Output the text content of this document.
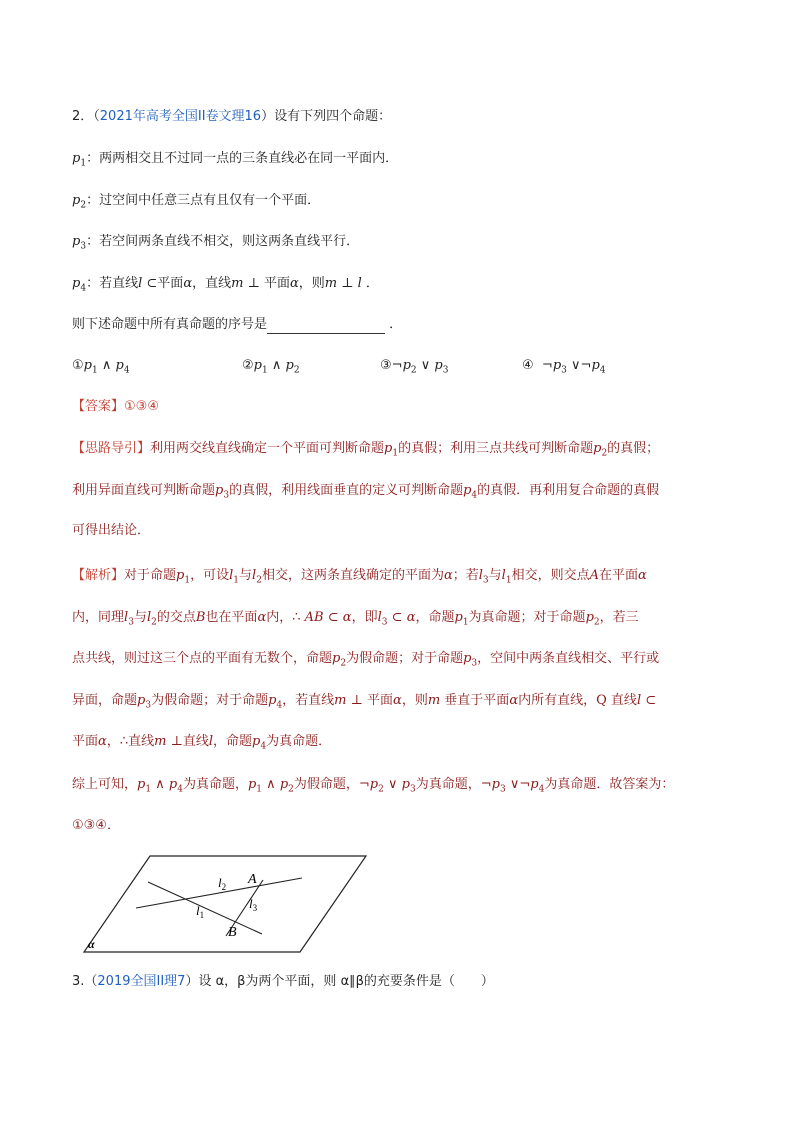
2．（2021年高考全国II卷文理16）设有下列四个命题：
$p_1$：两两相交且不过同一点的三条直线必在同一平面内．
$p_2$：过空间中任意三点有且仅有一个平面．
$p_3$：若空间两条直线不相交，则这两条直线平行．
$p_4$：若直线l ⊂平面α，直线m ⊥ 平面α，则m ⊥ l ．
则下述命题中所有真命题的序号是	．
$①p_1$ ∧ $p_4$	$②p_1$ ∧ $p_2$	$③\neg p_2$ ∨ $p_3$	④ $\neg p_3$ $\vee\neg p_4$
【答案】①③④
【思路导引】利用两交线直线确定一个平面可判断命题$p_1$的真假；利用三点共线可判断命题$p_2$的真假；
利用异面直线可判断命题$p_3$的真假，利用线面垂直的定义可判断命题$p_4$的真假．再利用复合命题的真假
可得出结论．
【解析】对于命题$p_1$，可设$l_1$与$l_2$相交，这两条直线确定的平面为α；若$l_3$与$l_1$相交，则交点A在平面α
内，同理$l_3$与$l_2$的交点B也在平面α内，∴ AB ⊂ α，即$l_3$ ⊂ α，命题$p_1$为真命题；对于命题$p_2$，若三
点共线，则过这三个点的平面有无数个，命题$p_2$为假命题；对于命题$p_3$，空间中两条直线相交、平行或
异面，命题$p_3$为假命题；对于命题$p_4$，若直线m ⊥ 平面α，则m 垂直于平面α内所有直线，Q 直线l ⊂
平面α，∴直线m ⊥直线l，命题$p_4$为真命题．
综上可知，$p_1$ ∧ $p_4$为真命题，$p_1$ ∧ $p_2$为假命题，$\neg p_2$ ∨ $p_3$为真命题，$\neg p_3$ $\vee\neg p_4$为真命题．故答案为：
①③④．
A
B
$l_2$
$l_1$
$l_3$
α
3.（2019全国II理7）设 α，β为两个平面，则 α∥β的充要条件是（　　）
